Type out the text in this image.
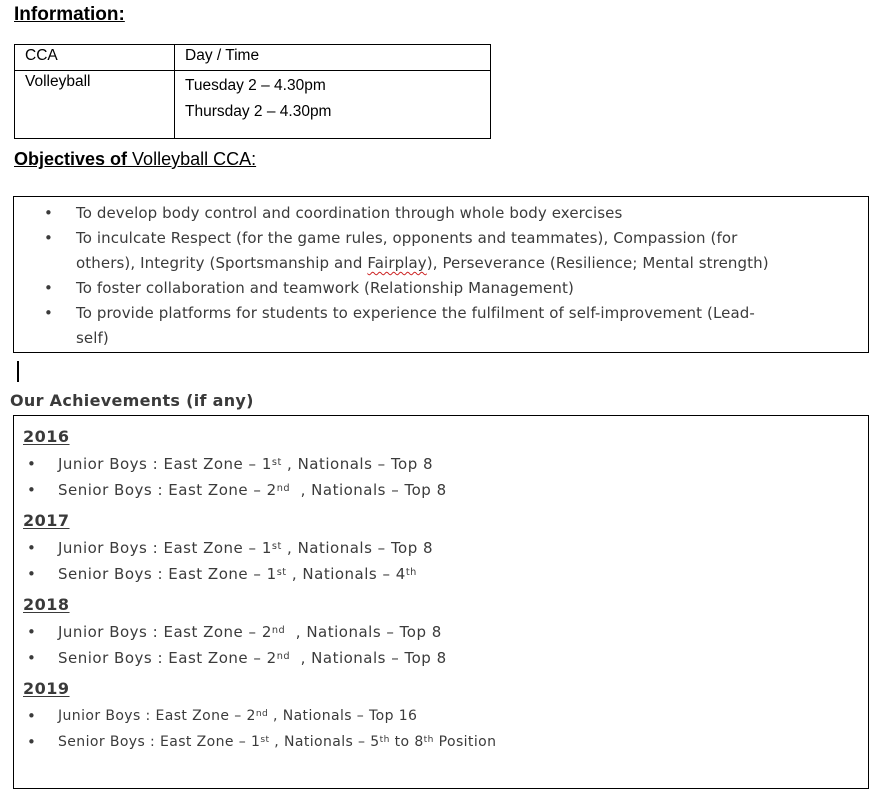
Information:
CCA	Day / Time
Volleyball	Tuesday 2 – 4.30pm
Thursday 2 – 4.30pm
Objectives of Volleyball CCA:
• To develop body control and coordination through whole body exercises
• To inculcate Respect (for the game rules, opponents and teammates), Compassion (for
others), Integrity (Sportsmanship and Fairplay), Perseverance (Resilience; Mental strength)
• To foster collaboration and teamwork (Relationship Management)
• To provide platforms for students to experience the fulfilment of self-improvement (Lead-
self)
Our Achievements (if any)
2016
• Junior Boys : East Zone – 1st , Nationals – Top 8
• Senior Boys : East Zone – 2nd  , Nationals – Top 8
2017
• Junior Boys : East Zone – 1st , Nationals – Top 8
• Senior Boys : East Zone – 1st , Nationals – 4th
2018
• Junior Boys : East Zone – 2nd  , Nationals – Top 8
• Senior Boys : East Zone – 2nd  , Nationals – Top 8
2019
• Junior Boys : East Zone – 2nd , Nationals – Top 16
• Senior Boys : East Zone – 1st , Nationals – 5th to 8th Position
